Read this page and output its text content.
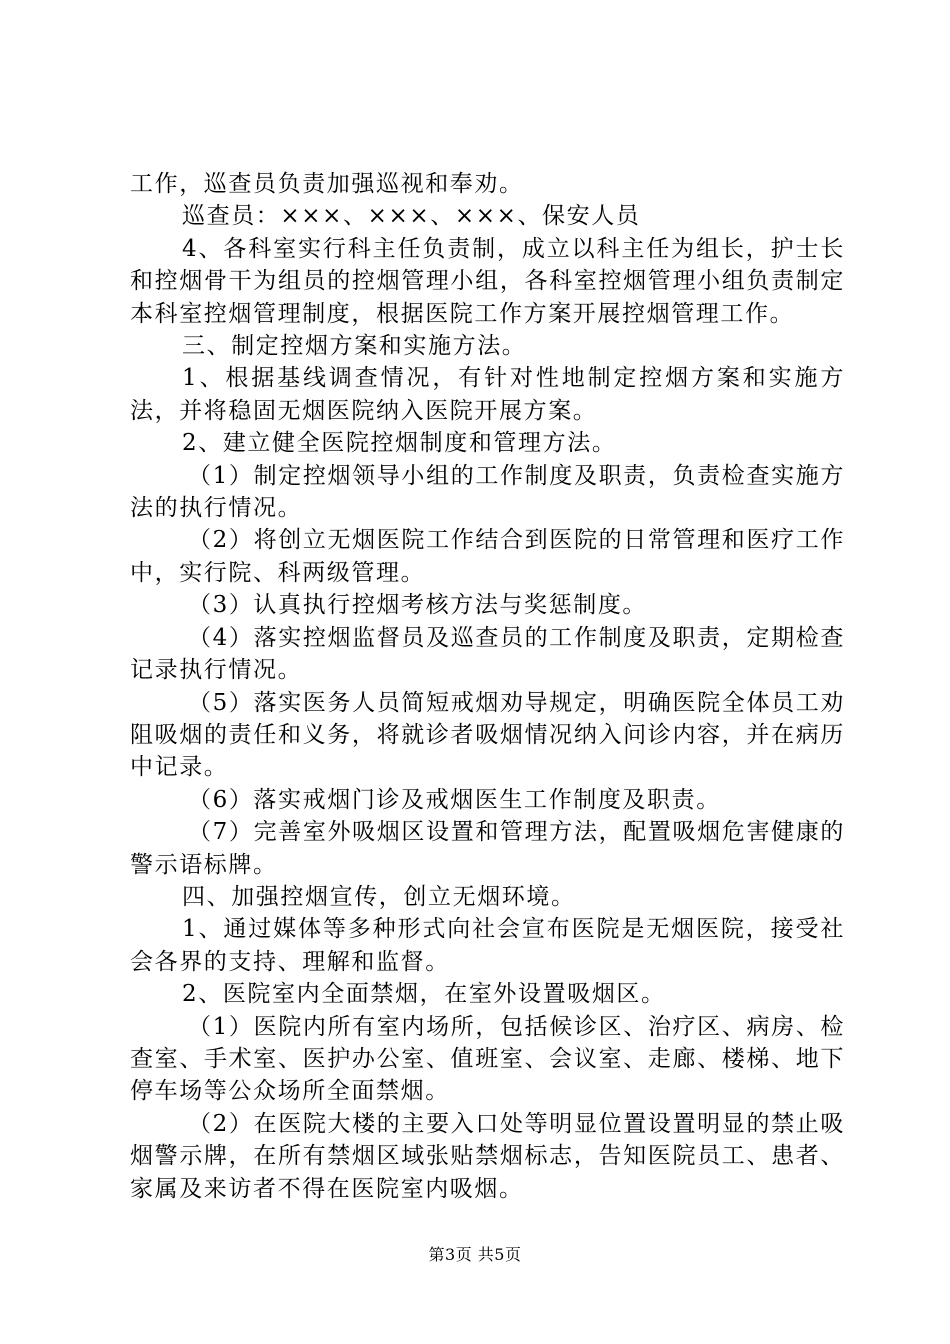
工作，巡查员负责加强巡视和奉劝。

巡查员：×××、×××、×××、保安人员

4、各科室实行科主任负责制，成立以科主任为组长，护士长和控烟骨干为组员的控烟管理小组，各科室控烟管理小组负责制定本科室控烟管理制度，根据医院工作方案开展控烟管理工作。

三、制定控烟方案和实施方法。

1、根据基线调查情况，有针对性地制定控烟方案和实施方法，并将稳固无烟医院纳入医院开展方案。

2、建立健全医院控烟制度和管理方法。

（1）制定控烟领导小组的工作制度及职责，负责检查实施方法的执行情况。

（2）将创立无烟医院工作结合到医院的日常管理和医疗工作中，实行院、科两级管理。

（3）认真执行控烟考核方法与奖惩制度。

（4）落实控烟监督员及巡查员的工作制度及职责，定期检查记录执行情况。

（5）落实医务人员简短戒烟劝导规定，明确医院全体员工劝阻吸烟的责任和义务，将就诊者吸烟情况纳入问诊内容，并在病历中记录。

（6）落实戒烟门诊及戒烟医生工作制度及职责。

（7）完善室外吸烟区设置和管理方法，配置吸烟危害健康的警示语标牌。

四、加强控烟宣传，创立无烟环境。

1、通过媒体等多种形式向社会宣布医院是无烟医院，接受社会各界的支持、理解和监督。

2、医院室内全面禁烟，在室外设置吸烟区。

（1）医院内所有室内场所，包括候诊区、治疗区、病房、检查室、手术室、医护办公室、值班室、会议室、走廊、楼梯、地下停车场等公众场所全面禁烟。

（2）在医院大楼的主要入口处等明显位置设置明显的禁止吸烟警示牌，在所有禁烟区域张贴禁烟标志，告知医院员工、患者、家属及来访者不得在医院室内吸烟。

第3页 共5页
